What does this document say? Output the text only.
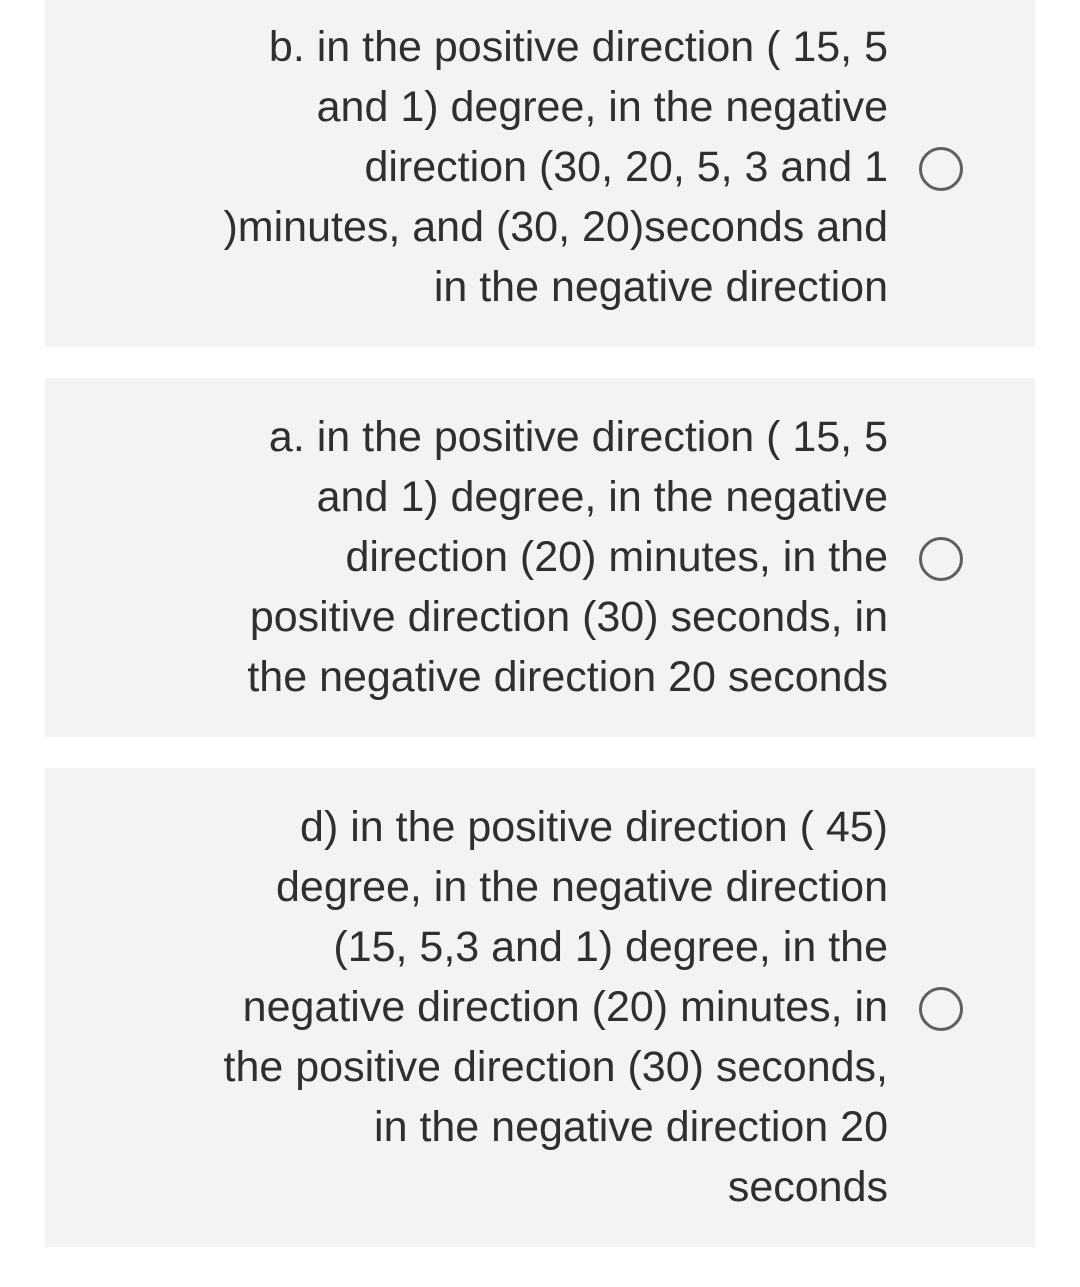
b. in the positive direction ( 15, 5
and 1) degree, in the negative
direction (30, 20, 5, 3 and 1
)minutes, and (30, 20)seconds and
in the negative direction
a. in the positive direction ( 15, 5
and 1) degree, in the negative
direction (20) minutes, in the
positive direction (30) seconds, in
the negative direction 20 seconds
d) in the positive direction ( 45)
degree, in the negative direction
(15, 5,3 and 1) degree, in the
negative direction (20) minutes, in
the positive direction (30) seconds,
in the negative direction 20
seconds
